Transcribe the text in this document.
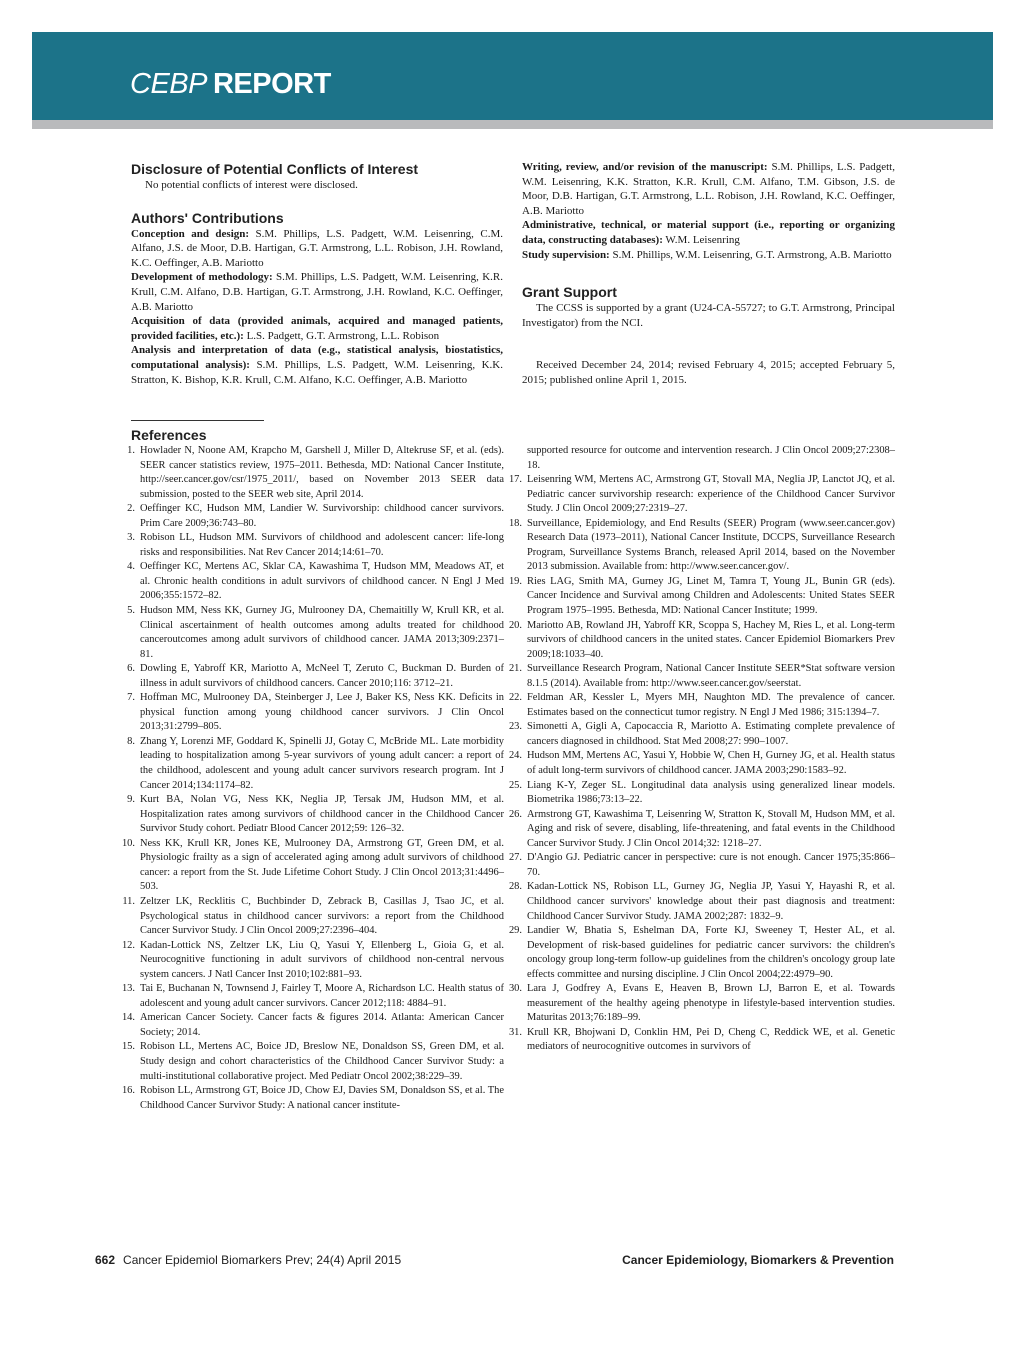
CEBP REPORT
Disclosure of Potential Conflicts of Interest

No potential conflicts of interest were disclosed.

Authors' Contributions

Conception and design: S.M. Phillips, L.S. Padgett, W.M. Leisenring, C.M. Alfano, J.S. de Moor, D.B. Hartigan, G.T. Armstrong, L.L. Robison, J.H. Rowland, K.C. Oeffinger, A.B. Mariotto

Development of methodology: S.M. Phillips, L.S. Padgett, W.M. Leisenring, K.R. Krull, C.M. Alfano, D.B. Hartigan, G.T. Armstrong, J.H. Rowland, K.C. Oeffinger, A.B. Mariotto

Acquisition of data (provided animals, acquired and managed patients, provided facilities, etc.): L.S. Padgett, G.T. Armstrong, L.L. Robison

Analysis and interpretation of data (e.g., statistical analysis, biostatistics, computational analysis): S.M. Phillips, L.S. Padgett, W.M. Leisenring, K.K. Stratton, K. Bishop, K.R. Krull, C.M. Alfano, K.C. Oeffinger, A.B. Mariotto

Writing, review, and/or revision of the manuscript: S.M. Phillips, L.S. Padgett, W.M. Leisenring, K.K. Stratton, K.R. Krull, C.M. Alfano, T.M. Gibson, J.S. de Moor, D.B. Hartigan, G.T. Armstrong, L.L. Robison, J.H. Rowland, K.C. Oeffinger, A.B. Mariotto

Administrative, technical, or material support (i.e., reporting or organizing data, constructing databases): W.M. Leisenring

Study supervision: S.M. Phillips, W.M. Leisenring, G.T. Armstrong, A.B. Mariotto

Grant Support

The CCSS is supported by a grant (U24-CA-55727; to G.T. Armstrong, Principal Investigator) from the NCI.

Received December 24, 2014; revised February 4, 2015; accepted February 5, 2015; published online April 1, 2015.

References
1. Howlader N, Noone AM, Krapcho M, Garshell J, Miller D, Altekruse SF, et al. (eds). SEER cancer statistics review, 1975–2011. Bethesda, MD: National Cancer Institute, http://seer.cancer.gov/csr/1975_2011/, based on November 2013 SEER data submission, posted to the SEER web site, April 2014.
2. Oeffinger KC, Hudson MM, Landier W. Survivorship: childhood cancer survivors. Prim Care 2009;36:743–80.
3. Robison LL, Hudson MM. Survivors of childhood and adolescent cancer: life-long risks and responsibilities. Nat Rev Cancer 2014;14:61–70.
4. Oeffinger KC, Mertens AC, Sklar CA, Kawashima T, Hudson MM, Meadows AT, et al. Chronic health conditions in adult survivors of childhood cancer. N Engl J Med 2006;355:1572–82.
5. Hudson MM, Ness KK, Gurney JG, Mulrooney DA, Chemaitilly W, Krull KR, et al. Clinical ascertainment of health outcomes among adults treated for childhood canceroutcomes among adult survivors of childhood cancer. JAMA 2013;309:2371–81.
6. Dowling E, Yabroff KR, Mariotto A, McNeel T, Zeruto C, Buckman D. Burden of illness in adult survivors of childhood cancers. Cancer 2010;116: 3712–21.
7. Hoffman MC, Mulrooney DA, Steinberger J, Lee J, Baker KS, Ness KK. Deficits in physical function among young childhood cancer survivors. J Clin Oncol 2013;31:2799–805.
8. Zhang Y, Lorenzi MF, Goddard K, Spinelli JJ, Gotay C, McBride ML. Late morbidity leading to hospitalization among 5-year survivors of young adult cancer: a report of the childhood, adolescent and young adult cancer survivors research program. Int J Cancer 2014;134:1174–82.
9. Kurt BA, Nolan VG, Ness KK, Neglia JP, Tersak JM, Hudson MM, et al. Hospitalization rates among survivors of childhood cancer in the Childhood Cancer Survivor Study cohort. Pediatr Blood Cancer 2012;59: 126–32.
10. Ness KK, Krull KR, Jones KE, Mulrooney DA, Armstrong GT, Green DM, et al. Physiologic frailty as a sign of accelerated aging among adult survivors of childhood cancer: a report from the St. Jude Lifetime Cohort Study. J Clin Oncol 2013;31:4496–503.
11. Zeltzer LK, Recklitis C, Buchbinder D, Zebrack B, Casillas J, Tsao JC, et al. Psychological status in childhood cancer survivors: a report from the Childhood Cancer Survivor Study. J Clin Oncol 2009;27:2396–404.
12. Kadan-Lottick NS, Zeltzer LK, Liu Q, Yasui Y, Ellenberg L, Gioia G, et al. Neurocognitive functioning in adult survivors of childhood non-central nervous system cancers. J Natl Cancer Inst 2010;102:881–93.
13. Tai E, Buchanan N, Townsend J, Fairley T, Moore A, Richardson LC. Health status of adolescent and young adult cancer survivors. Cancer 2012;118: 4884–91.
14. American Cancer Society. Cancer facts & figures 2014. Atlanta: American Cancer Society; 2014.
15. Robison LL, Mertens AC, Boice JD, Breslow NE, Donaldson SS, Green DM, et al. Study design and cohort characteristics of the Childhood Cancer Survivor Study: a multi-institutional collaborative project. Med Pediatr Oncol 2002;38:229–39.
16. Robison LL, Armstrong GT, Boice JD, Chow EJ, Davies SM, Donaldson SS, et al. The Childhood Cancer Survivor Study: A national cancer institute-
supported resource for outcome and intervention research. J Clin Oncol 2009;27:2308–18.
17. Leisenring WM, Mertens AC, Armstrong GT, Stovall MA, Neglia JP, Lanctot JQ, et al. Pediatric cancer survivorship research: experience of the Childhood Cancer Survivor Study. J Clin Oncol 2009;27:2319–27.
18. Surveillance, Epidemiology, and End Results (SEER) Program (www.seer.cancer.gov) Research Data (1973–2011), National Cancer Institute, DCCPS, Surveillance Research Program, Surveillance Systems Branch, released April 2014, based on the November 2013 submission. Available from: http://www.seer.cancer.gov/.
19. Ries LAG, Smith MA, Gurney JG, Linet M, Tamra T, Young JL, Bunin GR (eds). Cancer Incidence and Survival among Children and Adolescents: United States SEER Program 1975–1995. Bethesda, MD: National Cancer Institute; 1999.
20. Mariotto AB, Rowland JH, Yabroff KR, Scoppa S, Hachey M, Ries L, et al. Long-term survivors of childhood cancers in the united states. Cancer Epidemiol Biomarkers Prev 2009;18:1033–40.
21. Surveillance Research Program, National Cancer Institute SEER*Stat software version 8.1.5 (2014). Available from: http://www.seer.cancer.gov/seerstat.
22. Feldman AR, Kessler L, Myers MH, Naughton MD. The prevalence of cancer. Estimates based on the connecticut tumor registry. N Engl J Med 1986; 315:1394–7.
23. Simonetti A, Gigli A, Capocaccia R, Mariotto A. Estimating complete prevalence of cancers diagnosed in childhood. Stat Med 2008;27: 990–1007.
24. Hudson MM, Mertens AC, Yasui Y, Hobbie W, Chen H, Gurney JG, et al. Health status of adult long-term survivors of childhood cancer. JAMA 2003;290:1583–92.
25. Liang K-Y, Zeger SL. Longitudinal data analysis using generalized linear models. Biometrika 1986;73:13–22.
26. Armstrong GT, Kawashima T, Leisenring W, Stratton K, Stovall M, Hudson MM, et al. Aging and risk of severe, disabling, life-threatening, and fatal events in the Childhood Cancer Survivor Study. J Clin Oncol 2014;32: 1218–27.
27. D'Angio GJ. Pediatric cancer in perspective: cure is not enough. Cancer 1975;35:866–70.
28. Kadan-Lottick NS, Robison LL, Gurney JG, Neglia JP, Yasui Y, Hayashi R, et al. Childhood cancer survivors' knowledge about their past diagnosis and treatment: Childhood Cancer Survivor Study. JAMA 2002;287: 1832–9.
29. Landier W, Bhatia S, Eshelman DA, Forte KJ, Sweeney T, Hester AL, et al. Development of risk-based guidelines for pediatric cancer survivors: the children's oncology group long-term follow-up guidelines from the children's oncology group late effects committee and nursing discipline. J Clin Oncol 2004;22:4979–90.
30. Lara J, Godfrey A, Evans E, Heaven B, Brown LJ, Barron E, et al. Towards measurement of the healthy ageing phenotype in lifestyle-based intervention studies. Maturitas 2013;76:189–99.
31. Krull KR, Bhojwani D, Conklin HM, Pei D, Cheng C, Reddick WE, et al. Genetic mediators of neurocognitive outcomes in survivors of
662 Cancer Epidemiol Biomarkers Prev; 24(4) April 2015	Cancer Epidemiology, Biomarkers & Prevention
